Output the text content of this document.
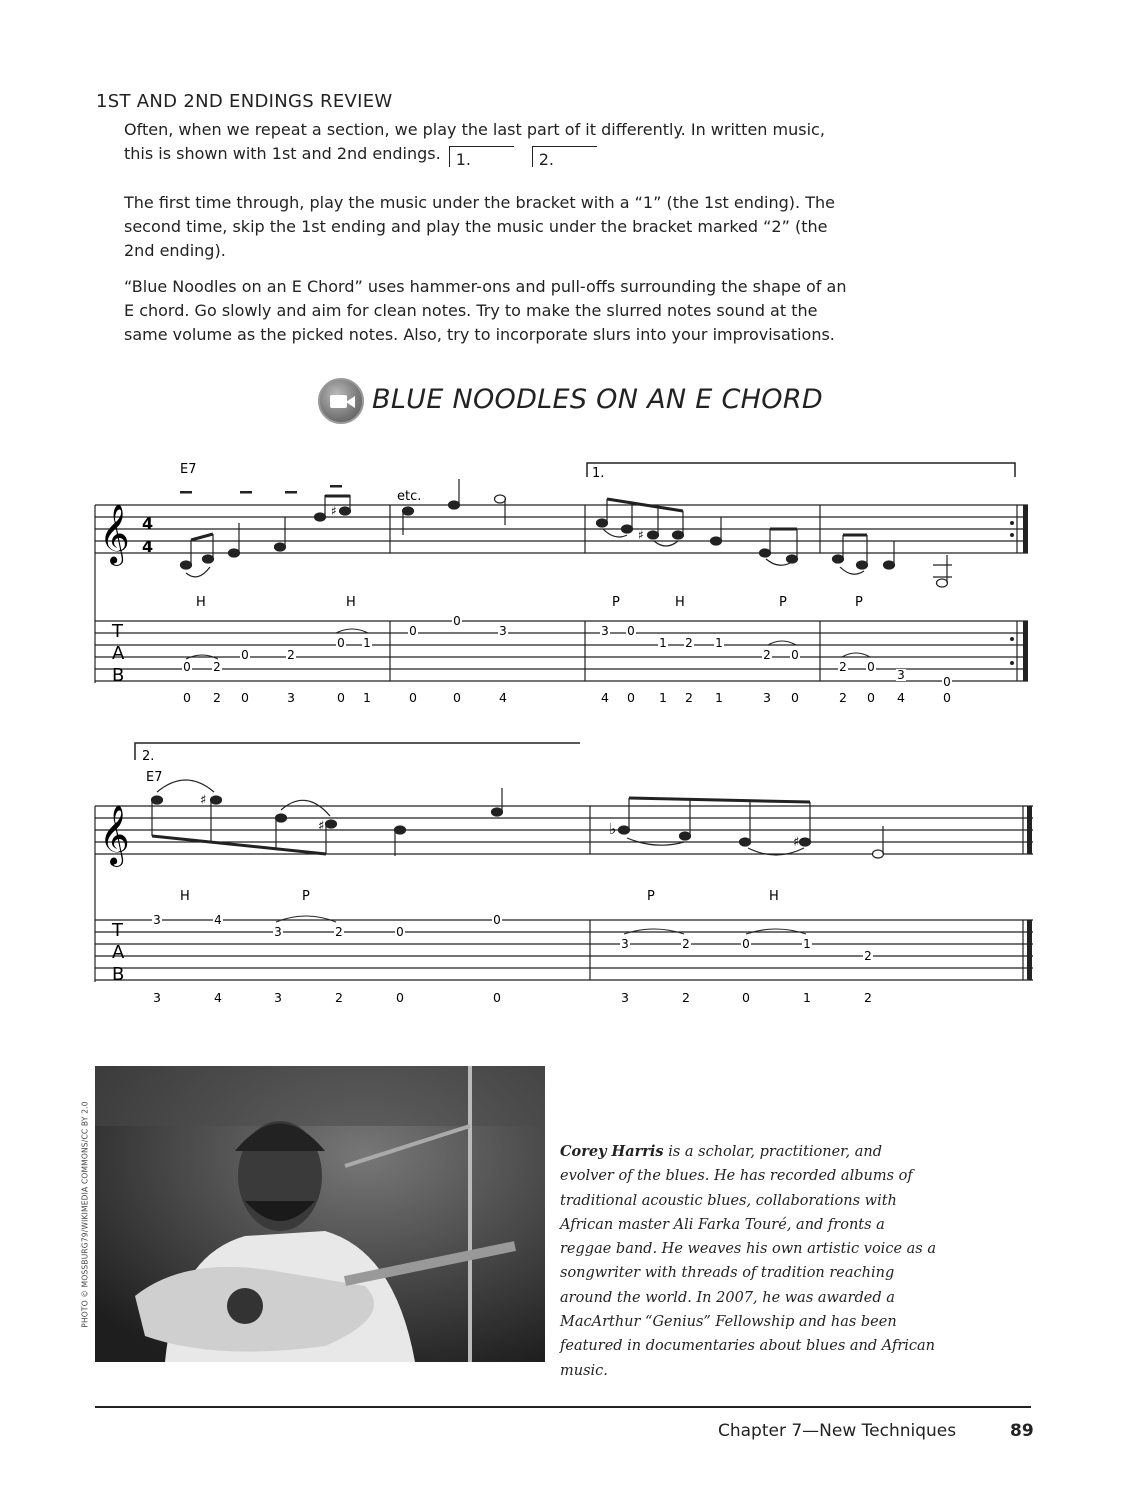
1ST AND 2ND ENDINGS REVIEW
Often, when we repeat a section, we play the last part of it differently. In written music, this is shown with 1st and 2nd endings. 1.	2.
The first time through, play the music under the bracket with a “1” (the 1st ending). The second time, skip the 1st ending and play the music under the bracket marked “2” (the 2nd ending).
“Blue Noodles on an E Chord” uses hammer-ons and pull-offs surrounding the shape of an E chord. Go slowly and aim for clean notes. Try to make the slurred notes sound at the same volume as the picked notes. Also, try to incorporate slurs into your improvisations.
BLUE NOODLES ON AN E CHORD
1.
𝄞 4
4
E7
etc.
♯
♯
H	H	P	H	P	P
T
A
B	0 2
0	2
0 1
0
0
3	3 0
1 2 1
2 0
2 0
3	0
0 2 0	3	0 1	0	0	4	4 0 1 2 1	3 0	2 0 4	0
2.
E7
𝄞
♯
♯
♯
♭
H	P	P	H
T
A
B
3	4
3	2	0
0
3	2	0	1
2
3	4	3	2	0	0	3	2	0	1	2
PHOTO © MOSSBURG79/WIKIMEDIA COMMONS/CC BY 2.0	Corey Harris is a scholar, practitioner, and evolver of the blues. He has recorded albums of traditional acoustic blues, collaborations with African master Ali Farka Touré, and fronts a reggae band. He weaves his own artistic voice as a songwriter with threads of tradition reaching around the world. In 2007, he was awarded a MacArthur “Genius” Fellowship and has been featured in documentaries about blues and African music.
Chapter 7—New Techniques	89
